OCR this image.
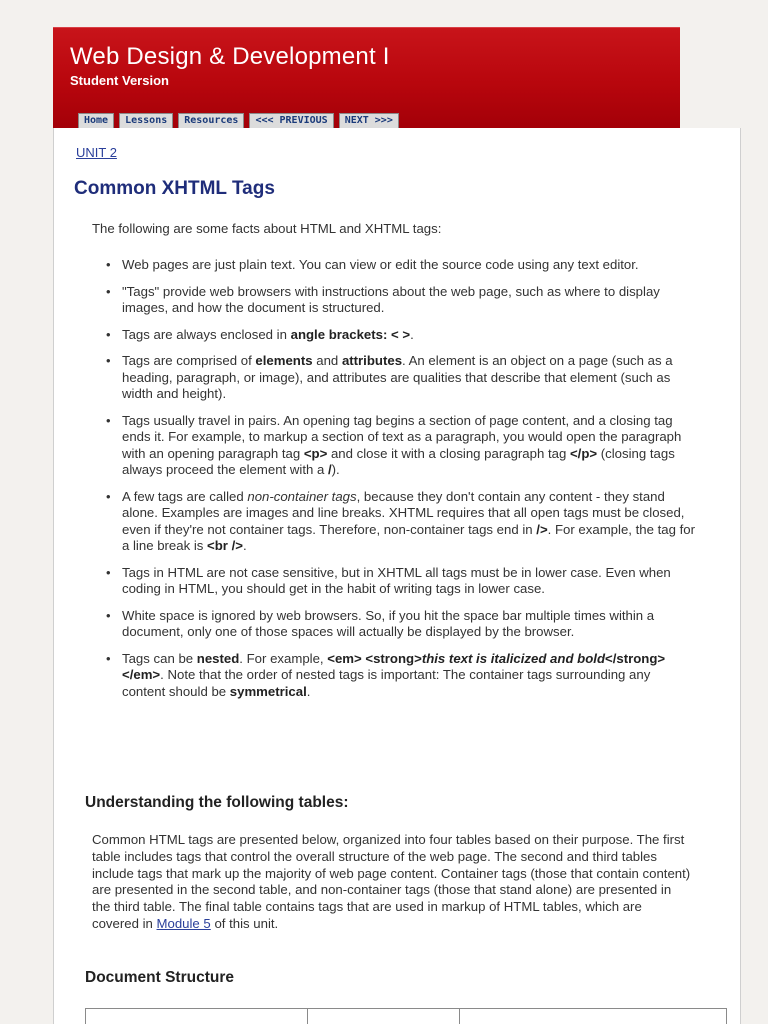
Web Design & Development I
Student Version
Home	Lessons	Resources	<<< PREVIOUS	NEXT >>>
UNIT 2
Common XHTML Tags

The following are some facts about HTML and XHTML tags:

• Web pages are just plain text. You can view or edit the source code using any text editor.
• "Tags" provide web browsers with instructions about the web page, such as where to display images, and how the document is structured.
• Tags are always enclosed in angle brackets: < >.
• Tags are comprised of elements and attributes. An element is an object on a page (such as a heading, paragraph, or image), and attributes are qualities that describe that element (such as width and height).
• Tags usually travel in pairs. An opening tag begins a section of page content, and a closing tag ends it. For example, to markup a section of text as a paragraph, you would open the paragraph with an opening paragraph tag <p> and close it with a closing paragraph tag </p> (closing tags always proceed the element with a /).
• A few tags are called non-container tags, because they don't contain any content - they stand alone. Examples are images and line breaks. XHTML requires that all open tags must be closed, even if they're not container tags. Therefore, non-container tags end in />. For example, the tag for a line break is <br />.
• Tags in HTML are not case sensitive, but in XHTML all tags must be in lower case. Even when coding in HTML, you should get in the habit of writing tags in lower case.
• White space is ignored by web browsers. So, if you hit the space bar multiple times within a document, only one of those spaces will actually be displayed by the browser.
• Tags can be nested. For example, <em> <strong>this text is italicized and bold</strong> </em>. Note that the order of nested tags is important: The container tags surrounding any content should be symmetrical.
Understanding the following tables:

Common HTML tags are presented below, organized into four tables based on their purpose. The first table includes tags that control the overall structure of the web page. The second and third tables include tags that mark up the majority of web page content. Container tags (those that contain content) are presented in the second table, and non-container tags (those that stand alone) are presented in the third table. The final table contains tags that are used in markup of HTML tables, which are covered in Module 5 of this unit.

Document Structure
